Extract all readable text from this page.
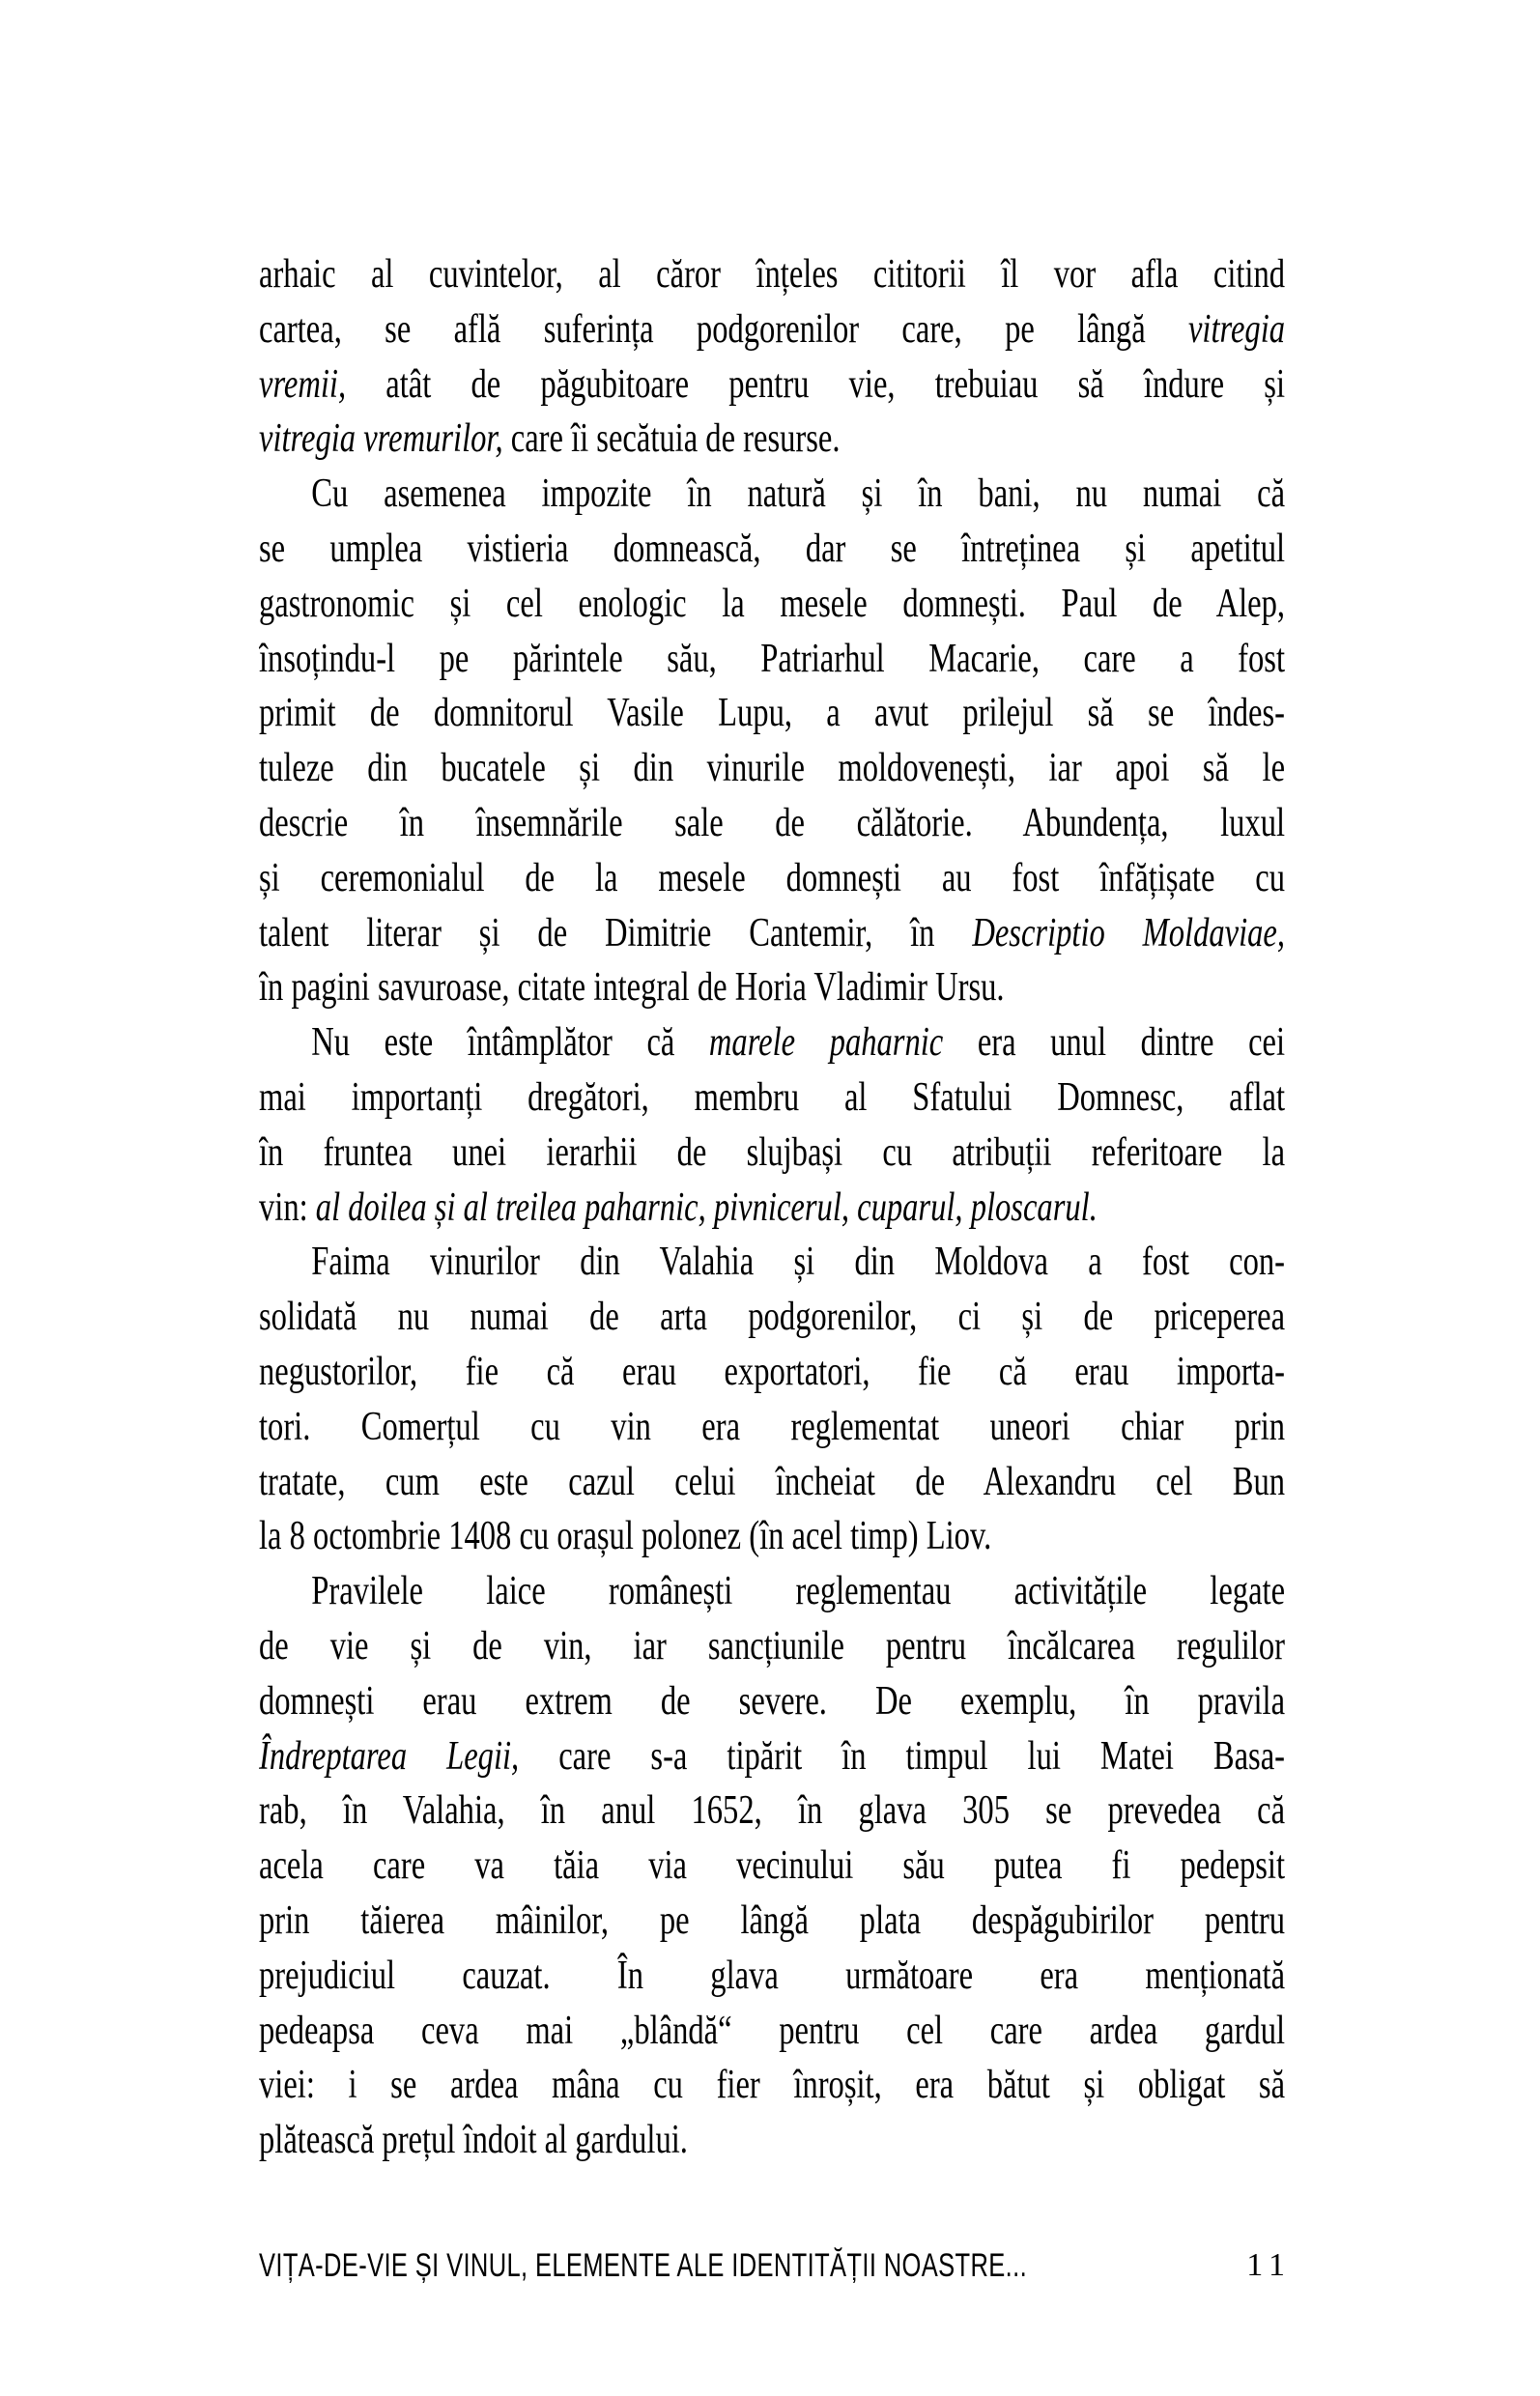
arhaic al cuvintelor, al căror înțeles cititorii îl vor afla citind
cartea, se află suferința podgorenilor care, pe lângă vitregia
vremii, atât de păgubitoare pentru vie, trebuiau să îndure și
vitregia vremurilor, care îi secătuia de resurse.
Cu asemenea impozite în natură și în bani, nu numai că
se umplea vistieria domnească, dar se întreținea și apetitul
gastronomic și cel enologic la mesele domnești. Paul de Alep,
însoțindu-l pe părintele său, Patriarhul Macarie, care a fost
primit de domnitorul Vasile Lupu, a avut prilejul să se îndes-
tuleze din bucatele și din vinurile moldovenești, iar apoi să le
descrie în însemnările sale de călătorie. Abundența, luxul
și ceremonialul de la mesele domnești au fost înfățișate cu
talent literar și de Dimitrie Cantemir, în Descriptio Moldaviae,
în pagini savuroase, citate integral de Horia Vladimir Ursu.
Nu este întâmplător că marele paharnic era unul dintre cei
mai importanți dregători, membru al Sfatului Domnesc, aflat
în fruntea unei ierarhii de slujbași cu atribuții referitoare la
vin: al doilea și al treilea paharnic, pivnicerul, cuparul, ploscarul.
Faima vinurilor din Valahia și din Moldova a fost con-
solidată nu numai de arta podgorenilor, ci și de priceperea
negustorilor, fie că erau exportatori, fie că erau importa-
tori. Comerțul cu vin era reglementat uneori chiar prin
tratate, cum este cazul celui încheiat de Alexandru cel Bun
la 8 octombrie 1408 cu orașul polonez (în acel timp) Liov.
Pravilele laice românești reglementau activitățile legate
de vie și de vin, iar sancțiunile pentru încălcarea regulilor
domnești erau extrem de severe. De exemplu, în pravila
Îndreptarea Legii, care s-a tipărit în timpul lui Matei Basa-
rab, în Valahia, în anul 1652, în glava 305 se prevedea că
acela care va tăia via vecinului său putea fi pedepsit
prin tăierea mâinilor, pe lângă plata despăgubirilor pentru
prejudiciul cauzat. În glava următoare era menționată
pedeapsa ceva mai „blândă“ pentru cel care ardea gardul
viei: i se ardea mâna cu fier înroșit, era bătut și obligat să
plătească prețul îndoit al gardului.
VIȚA-DE-VIE ȘI VINUL, ELEMENTE ALE IDENTITĂȚII NOASTRE...	11
